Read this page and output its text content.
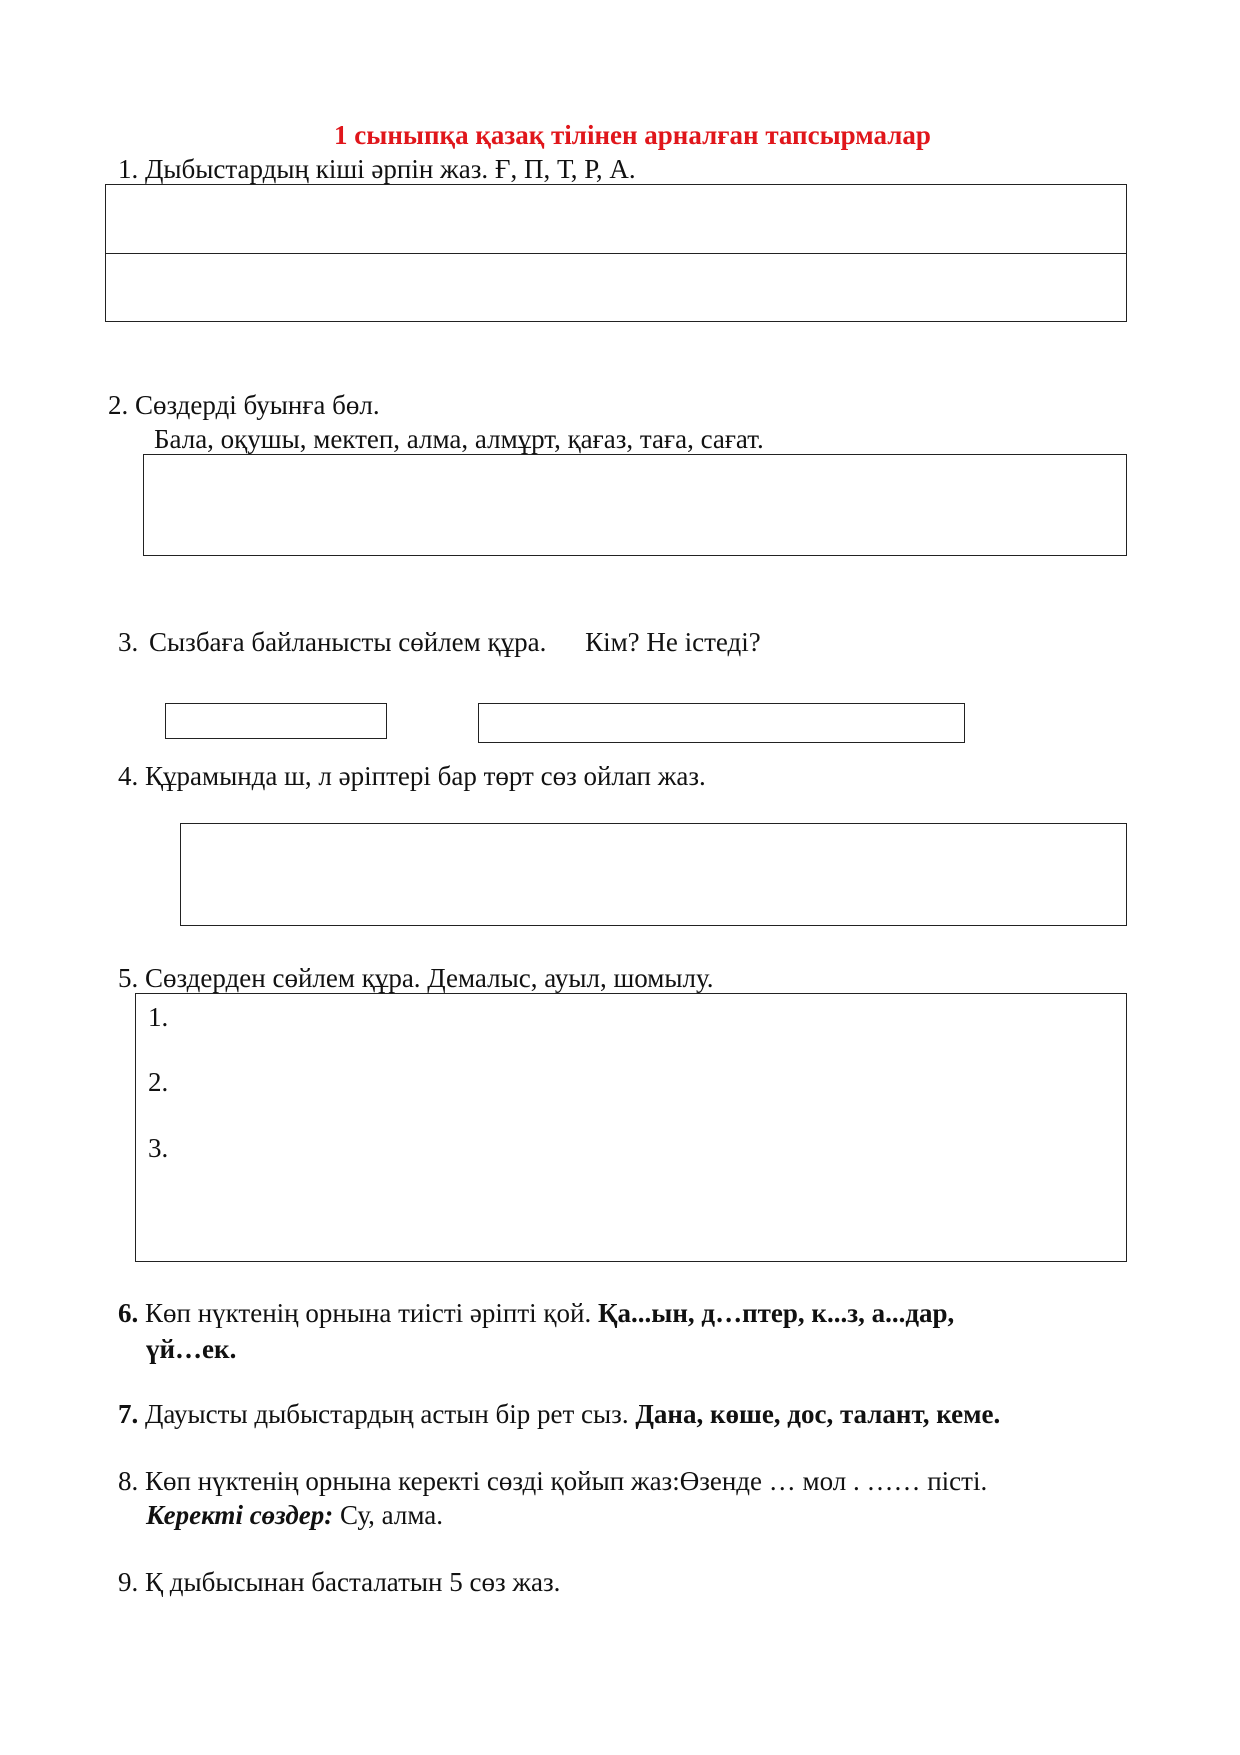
1 сыныпқа қазақ тілінен арналған тапсырмалар
1. Дыбыстардың кіші әрпін жаз. Ғ, П, Т, Р, А.
2. Сөздерді буынға бөл.
Бала, оқушы, мектеп, алма, алмұрт, қағаз, таға, сағат.
3. Сызбаға байланысты сөйлем құра. Кім? Не істеді?
4. Құрамында ш, л әріптері бар төрт сөз ойлап жаз.
5. Сөздерден сөйлем құра. Демалыс, ауыл, шомылу.
1.
2.
3.
6. Көп нүктенің орнына тиісті әріпті қой. Қа...ын, д…птер, к...з, а...дар,
үй…ек.
7. Дауысты дыбыстардың астын бір рет сыз. Дана, көше, дос, талант, кеме.
8. Көп нүктенің орнына керекті сөзді қойып жаз:Өзенде … мол . …… пісті.
Керекті сөздер: Су, алма.
9. Қ дыбысынан басталатын 5 сөз жаз.
